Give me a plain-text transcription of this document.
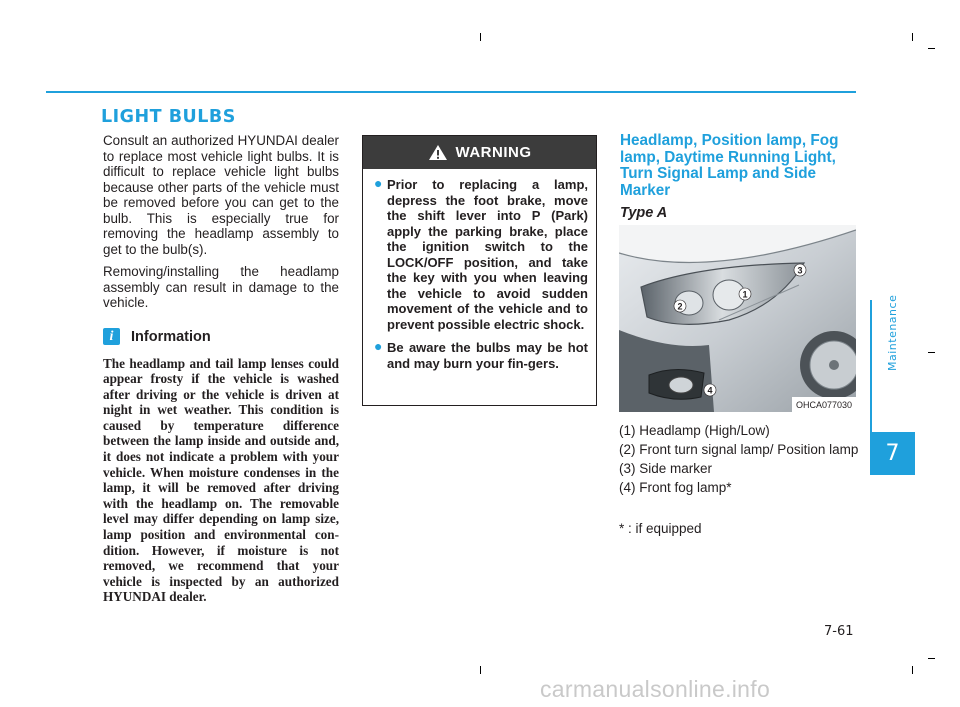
LIGHT BULBS

Consult an authorized HYUNDAI dealer to replace most vehicle light bulbs. It is difficult to replace vehicle light bulbs because other parts of the vehicle must be removed before you can get to the bulb. This is especially true for removing the headlamp assembly to get to the bulb(s).

Removing/installing the headlamp assembly can result in damage to the vehicle.

i	Information

The headlamp and tail lamp lenses could appear frosty if the vehicle is washed after driving or the vehicle is driven at night in wet weather. This condition is caused by temperature difference between the lamp inside and outside and, it does not indicate a problem with your vehicle. When moisture condenses in the lamp, it will be removed after driving with the headlamp on. The removable level may differ depending on lamp size, lamp position and environmental con-dition. However, if moisture is not removed, we recommend that your vehicle is inspected by an authorized HYUNDAI dealer.

WARNING
● Prior to replacing a lamp, depress the foot brake, move the shift lever into P (Park) apply the parking brake, place the ignition switch to the LOCK/OFF position, and take the key with you when leaving the vehicle to avoid sudden movement of the vehicle and to prevent possible electric shock.
● Be aware the bulbs may be hot and may burn your fin-gers.
Headlamp, Position lamp, Fog lamp, Daytime Running Light, Turn Signal Lamp and Side Marker

Type A

1
2
3
4
OHCA077030
(1) Headlamp (High/Low)
(2) Front turn signal lamp/ Position lamp
(3) Side marker
(4) Front fog lamp*

* : if equipped

Maintenance
7
7-61
carmanualsonline.info
